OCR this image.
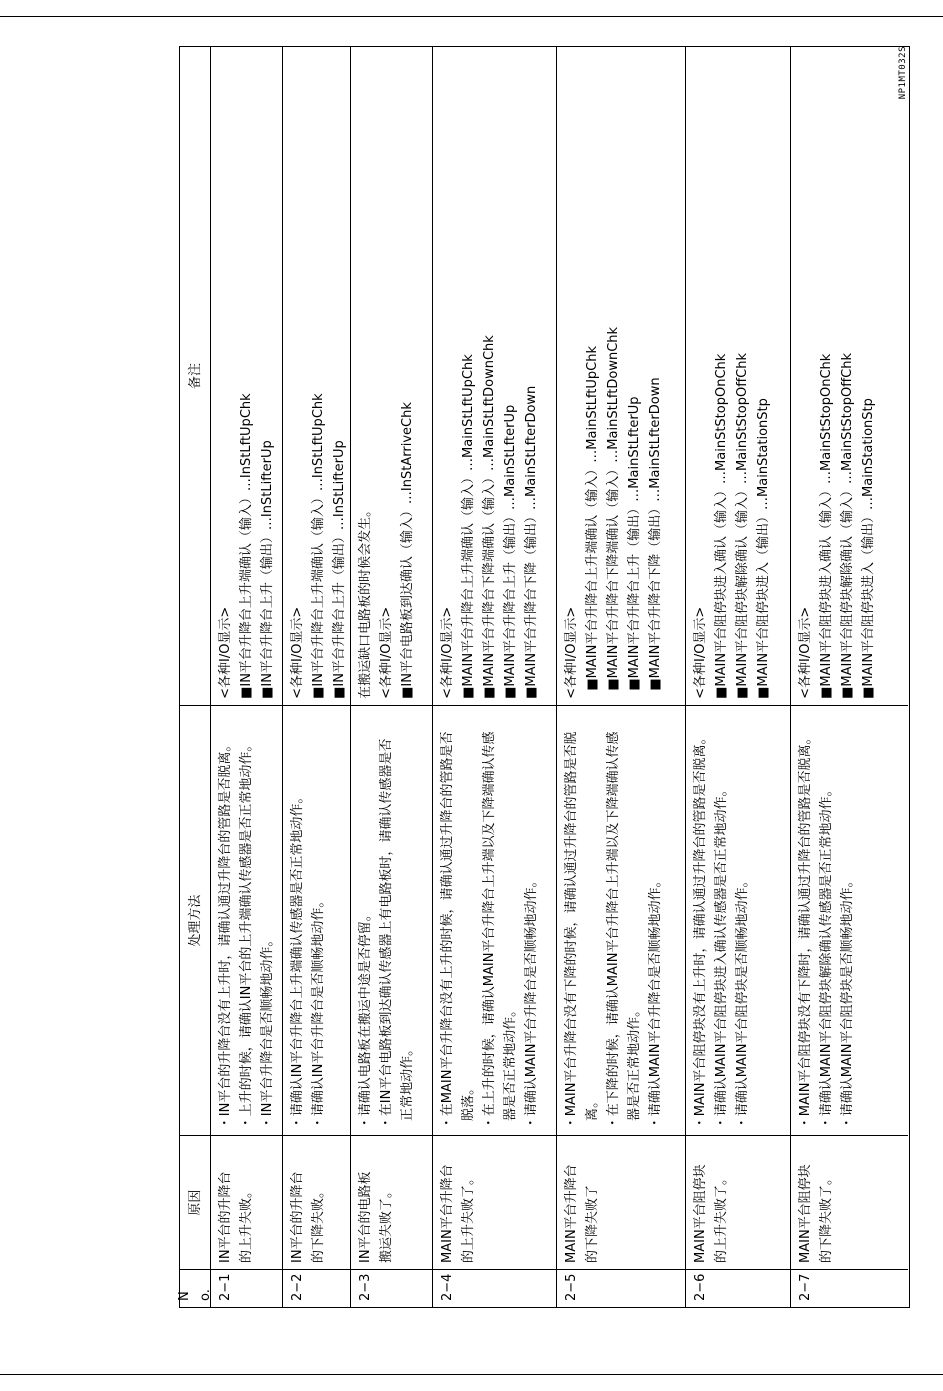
NP1MT032S
N o.
原因
处理方法
备注
2−1
IN平台的升降台 的上升失败。
・IN平台的升降台没有上升时，请确认通过升降台的管路是否脱离。 ・上升的时候，请确认IN平台的上升端确认传感器是否正常地动作。 ・IN平台升降台是否顺畅地动作。
<各种I/O显示> ■IN平台升降台上升端确认（输入）…InStLftUpChk ■IN平台升降台上升（输出）…InStLifterUp
2−2
IN平台的升降台 的下降失败。
・请确认IN平台升降台上升端确认传感器是否正常地动作。 ・请确认IN平台升降台是否顺畅地动作。
<各种I/O显示> ■IN平台升降台上升端确认（输入）…InStLftUpChk ■IN平台升降台上升（输出）…InStLifterUp
2−3
IN平台的电路板 搬运失败了。
・请确认电路板在搬运中途是否停留。 ・在IN平台电路板到达确认传感器上有电路板时，请确认传感器是否 正常地动作。
在搬运缺口电路板的时候会发生。 <各种I/O显示> ■IN平台电路板到达确认（输入）…InStArriveChk
2−4
MAIN平台升降台 的上升失败了。
・在MAIN平台升降台没有上升的时候，请确认通过升降台的管路是否 脱落。 ・在上升的时候，请确认MAIN平台升降台上升端以及下降端确认传感 器是否正常地动作。 ・请确认MAIN平台升降台是否顺畅地动作。
<各种I/O显示> ■MAIN平台升降台上升端确认（输入）…MainStLftUpChk ■MAIN平台升降台下降端确认（输入）…MainStLftDownChk ■MAIN平台升降台上升（输出）…MainStLfterUp ■MAIN平台升降台下降（输出）…MainStLfterDown
2−5
MAIN平台升降台 的下降失败了
・MAIN平台升降台没有下降的时候，请确认通过升降台的管路是否脱 离。 ・在下降的时候，请确认MAIN平台升降台上升端以及下降端确认传感 器是否正常地动作。 ・请确认MAIN平台升降台是否顺畅地动作。
<各种I/O显示> ■MAIN平台升降台上升端确认（输入）…MainStLftUpChk
■MAIN平台升降台下降端确认（输入）…MainStLftDownChk
■MAIN平台升降台上升（输出）…MainStLfterUp
■MAIN平台升降台下降（输出）…MainStLfterDown
2−6
MAIN平台阻停块 的上升失败了。
・MAIN平台阻停块没有上升时，请确认通过升降台的管路是否脱离。 ・请确认MAIN平台阻停块进入确认传感器是否正常地动作。 ・请确认MAIN平台阻停块是否顺畅地动作。
<各种I/O显示> ■MAIN平台阻停块进入确认（输入）…MainStStopOnChk ■MAIN平台阻停块解除确认（输入）…MainStStopOffChk ■MAIN平台阻停块进入（输出）…MainStationStp
2−7
MAIN平台阻停块 的下降失败了。
・MAIN平台阻停块没有下降时，请确认通过升降台的管路是否脱离。 ・请确认MAIN平台阻停块解除确认传感器是否正常地动作。 ・请确认MAIN平台阻停块是否顺畅地动作。
<各种I/O显示> ■MAIN平台阻停块进入确认（输入）…MainStStopOnChk ■MAIN平台阻停块解除确认（输入）…MainStStopOffChk ■MAIN平台阻停块进入（输出）…MainStationStp
